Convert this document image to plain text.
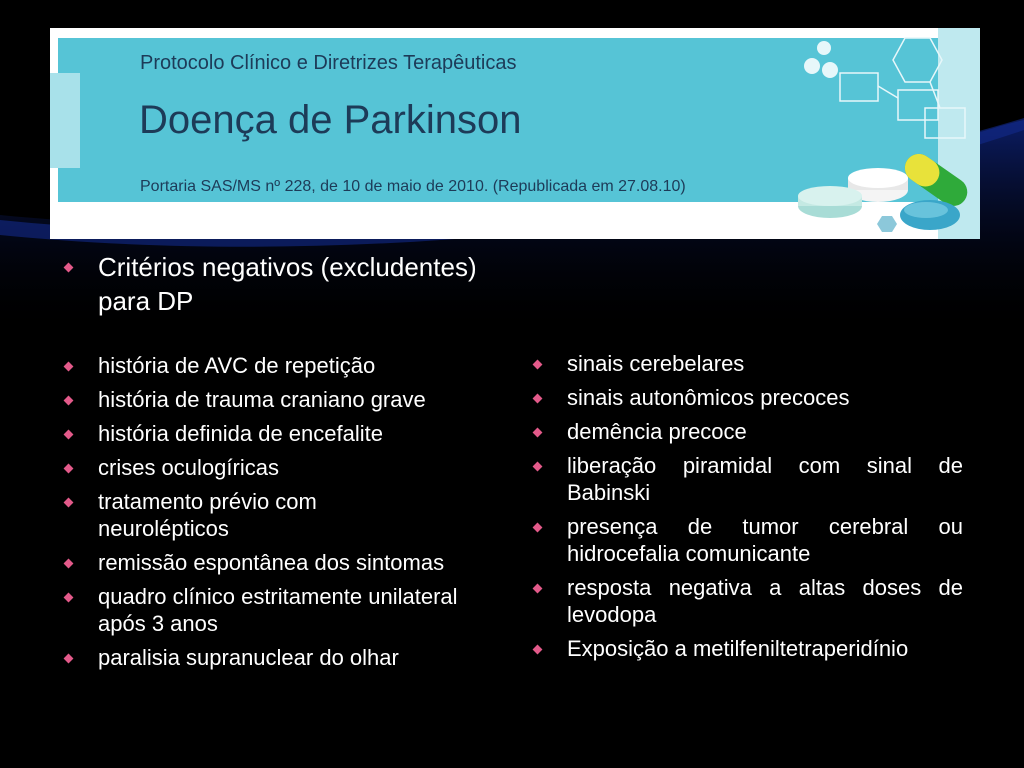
Protocolo Clínico e Diretrizes Terapêuticas
Doença de Parkinson
Portaria SAS/MS nº 228, de 10 de maio de 2010. (Republicada em 27.08.10)
Critérios negativos (excludentes) para DP
história de AVC de repetição
história de trauma craniano grave
história definida de encefalite
crises oculogíricas
tratamento prévio com neurolépticos
remissão espontânea dos sintomas
quadro clínico estritamente unilateral após 3 anos
paralisia supranuclear do olhar
sinais cerebelares
sinais autonômicos precoces
demência precoce
liberação piramidal com sinal de Babinski
presença de tumor cerebral ou hidrocefalia comunicante
resposta negativa a altas doses de levodopa
Exposição a metilfeniltetraperidínio
